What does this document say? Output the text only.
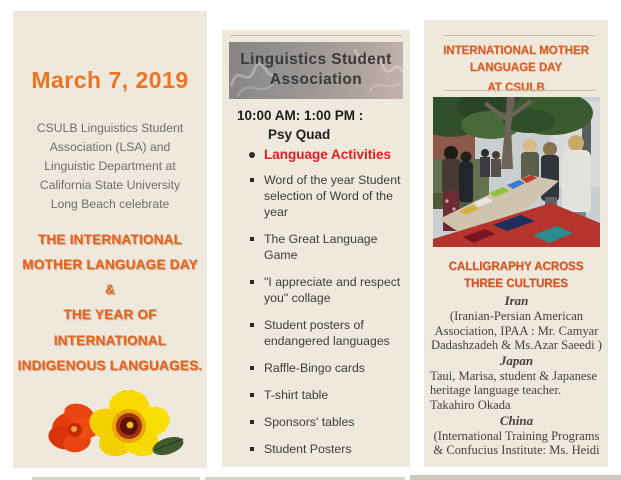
March 7, 2019
CSULB Linguistics Student Association (LSA) and Linguistic Department at California State University Long Beach celebrate
THE INTERNATIONAL
MOTHER LANGUAGE DAY
&
THE YEAR OF
INTERNATIONAL
INDIGENOUS LANGUAGES.
Linguistics Student Association
10:00 AM: 1:00 PM :
Psy Quad
Language Activities
Word of the year Student selection of Word of the year
The Great Language Game
"I appreciate and respect you" collage
Student posters of endangered languages
Raffle-Bingo cards
T-shirt table
Sponsors' tables
Student Posters
INTERNATIONAL MOTHER
LANGUAGE DAY
AT CSULB
CALLIGRAPHY ACROSS THREE CULTURES

Iran

(Iranian-Persian American Association, IPAA : Mr. Camyar Dadashzadeh & Ms.Azar Saeedi )

Japan

Taui, Marisa, student & Japanese heritage language teacher. Takahiro Okada

China

(International Training Programs & Confucius Institute: Ms. Heidi
